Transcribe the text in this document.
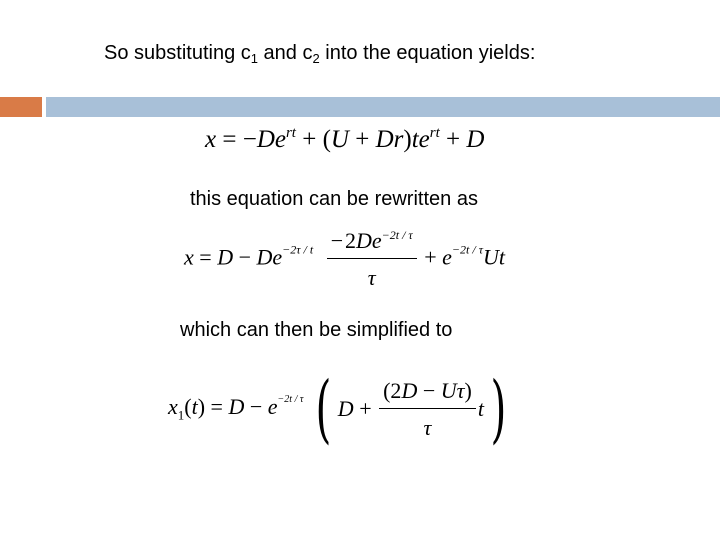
So substituting $c_1$ and $c_2$ into the equation yields:
$x = -De^{rt} + (U + Dr)te^{rt} + D$
this equation can be rewritten as
$x = D - De^{-2\tau / t} \frac{- 2De^{-2t / \tau}}{\tau} + e^{-2t / \tau}Ut$
which can then be simplified to
$x_1(t) = D - e^{-2t / \tau}$ ( $D + \frac{(2D - U\tau)}{\tau} t$)
